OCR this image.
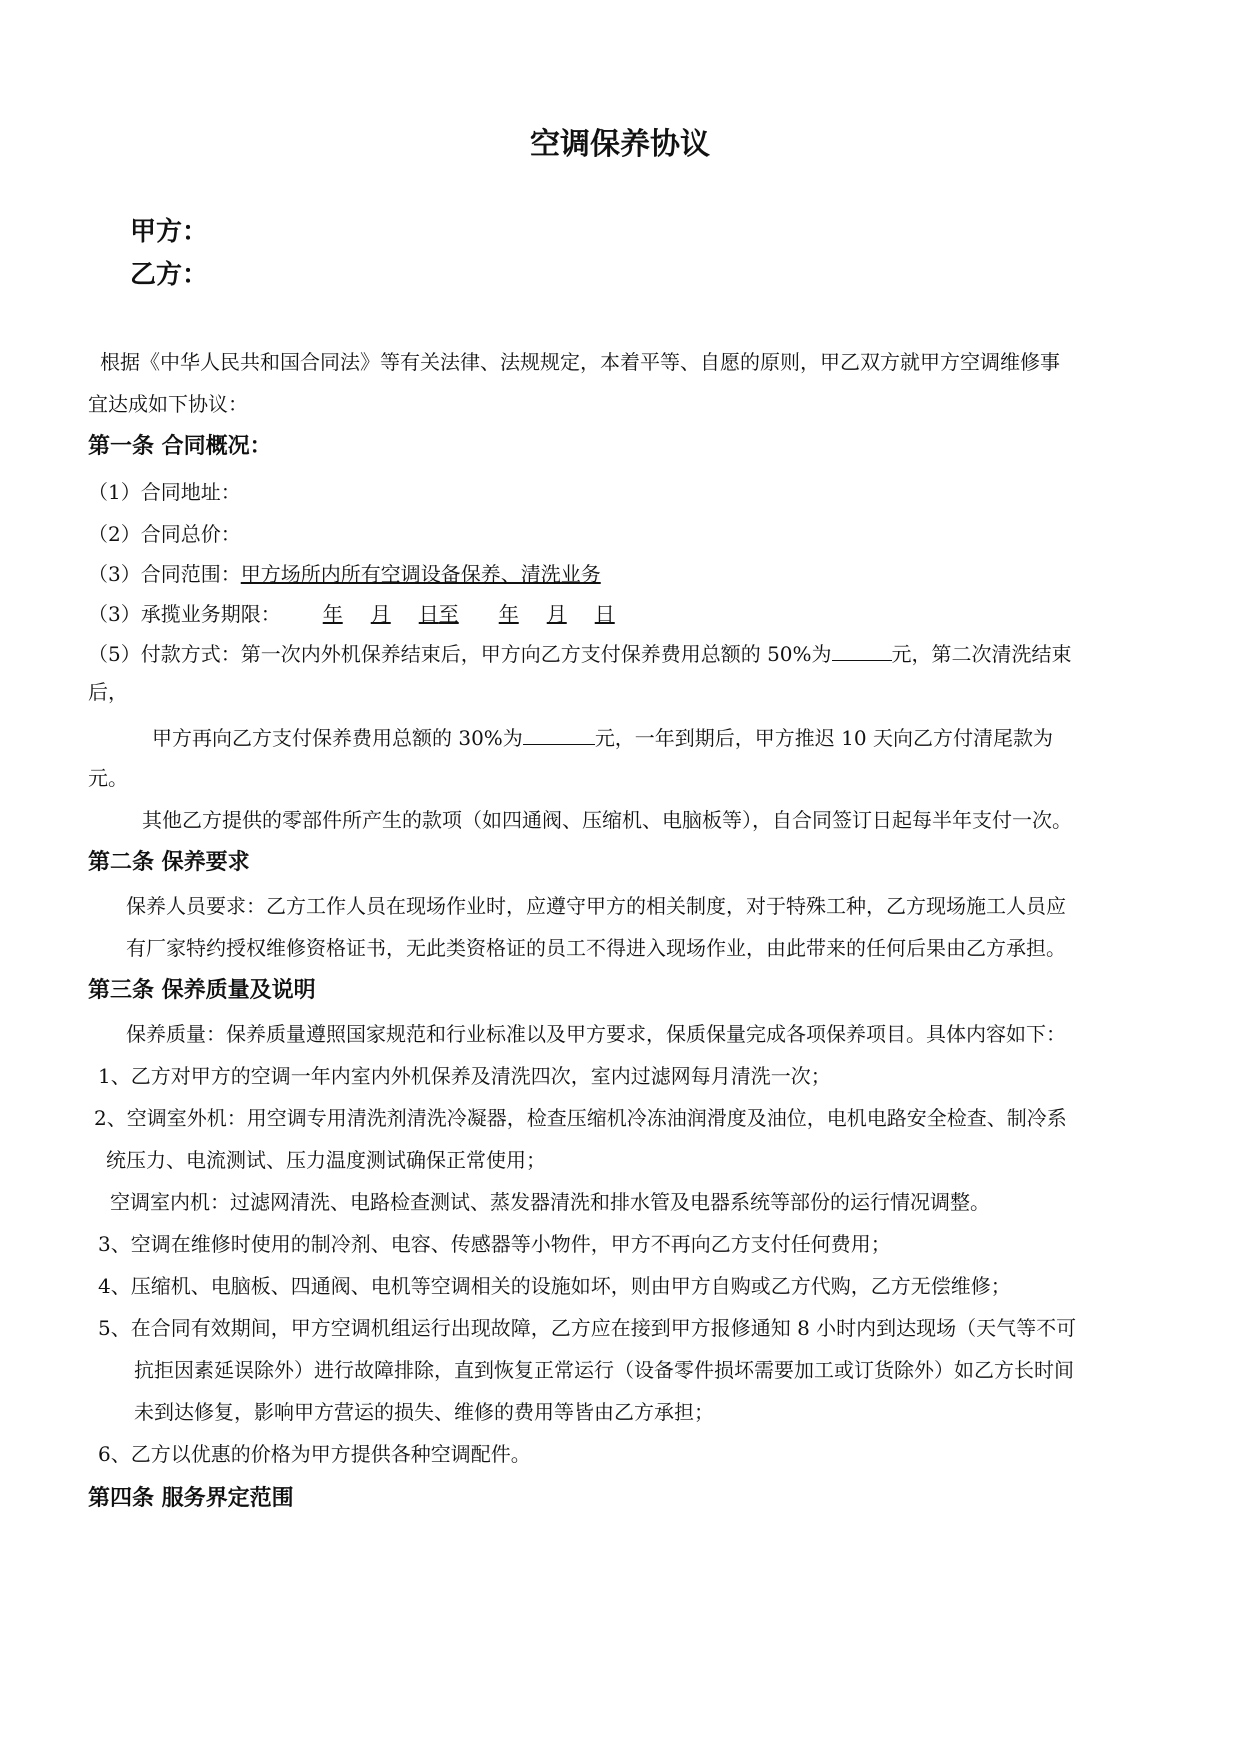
空调保养协议
甲方：
乙方：
根据《中华人民共和国合同法》等有关法律、法规规定，本着平等、自愿的原则，甲乙双方就甲方空调维修事
宜达成如下协议：
第一条 合同概况：
（1）合同地址：
（2）合同总价：
（3）合同范围：甲方场所内所有空调设备保养、清洗业务
（3）承揽业务期限： 年 月 日至 年 月 日
（5）付款方式：第一次内外机保养结束后，甲方向乙方支付保养费用总额的 50%为	元，第二次清洗结束
后，
甲方再向乙方支付保养费用总额的 30%为	元，一年到期后，甲方推迟 10 天向乙方付清尾款为
元。
其他乙方提供的零部件所产生的款项（如四通阀、压缩机、电脑板等），自合同签订日起每半年支付一次。
第二条 保养要求
保养人员要求：乙方工作人员在现场作业时，应遵守甲方的相关制度，对于特殊工种，乙方现场施工人员应
有厂家特约授权维修资格证书，无此类资格证的员工不得进入现场作业，由此带来的任何后果由乙方承担。
第三条 保养质量及说明
保养质量：保养质量遵照国家规范和行业标准以及甲方要求，保质保量完成各项保养项目。具体内容如下：
1、乙方对甲方的空调一年内室内外机保养及清洗四次，室内过滤网每月清洗一次；
2、空调室外机：用空调专用清洗剂清洗冷凝器，检查压缩机冷冻油润滑度及油位，电机电路安全检查、制冷系
统压力、电流测试、压力温度测试确保正常使用；
空调室内机：过滤网清洗、电路检查测试、蒸发器清洗和排水管及电器系统等部份的运行情况调整。
3、空调在维修时使用的制冷剂、电容、传感器等小物件，甲方不再向乙方支付任何费用；
4、压缩机、电脑板、四通阀、电机等空调相关的设施如坏，则由甲方自购或乙方代购，乙方无偿维修；
5、在合同有效期间，甲方空调机组运行出现故障，乙方应在接到甲方报修通知 8 小时内到达现场（天气等不可
抗拒因素延误除外）进行故障排除，直到恢复正常运行（设备零件损坏需要加工或订货除外）如乙方长时间
未到达修复，影响甲方营运的损失、维修的费用等皆由乙方承担；
6、乙方以优惠的价格为甲方提供各种空调配件。
第四条 服务界定范围
